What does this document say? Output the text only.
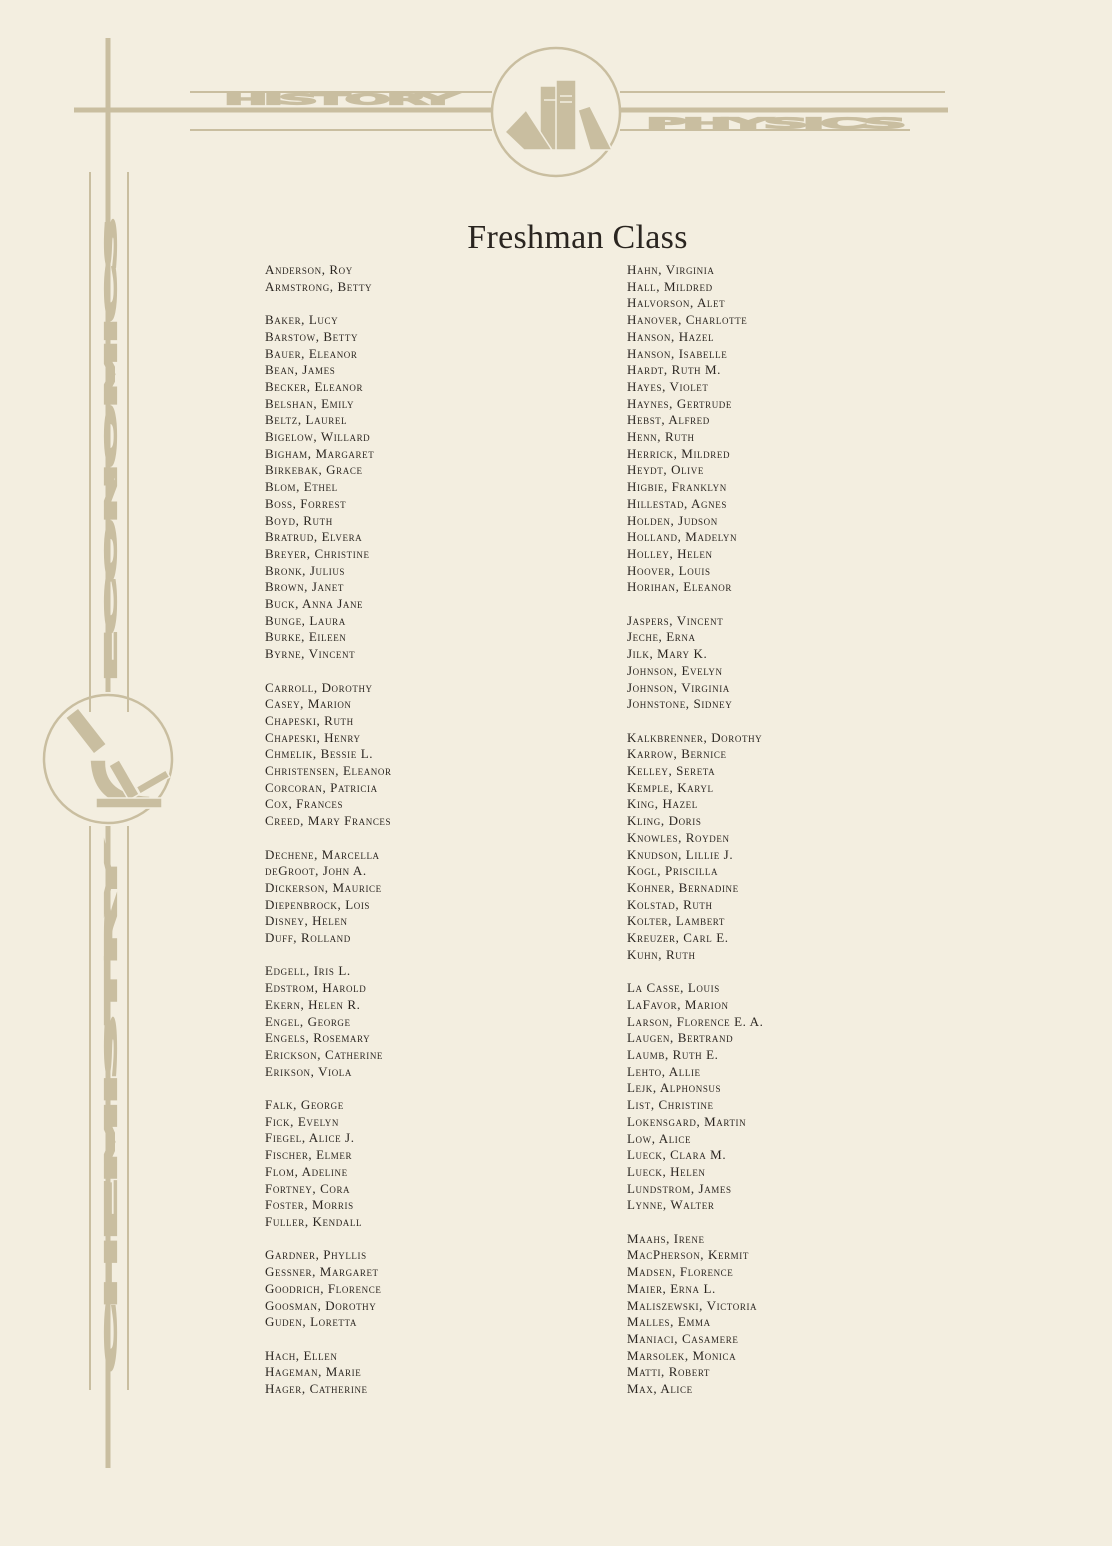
HISTORY
PHYSICS
ECONOMICS
CHEMISTRY
Freshman Class
Anderson, Roy
Armstrong, Betty
Baker, Lucy
Barstow, Betty
Bauer, Eleanor
Bean, James
Becker, Eleanor
Belshan, Emily
Beltz, Laurel
Bigelow, Willard
Bigham, Margaret
Birkebak, Grace
Blom, Ethel
Boss, Forrest
Boyd, Ruth
Bratrud, Elvera
Breyer, Christine
Bronk, Julius
Brown, Janet
Buck, Anna Jane
Bunge, Laura
Burke, Eileen
Byrne, Vincent
Carroll, Dorothy
Casey, Marion
Chapeski, Ruth
Chapeski, Henry
Chmelik, Bessie L.
Christensen, Eleanor
Corcoran, Patricia
Cox, Frances
Creed, Mary Frances
Dechene, Marcella
deGroot, John A.
Dickerson, Maurice
Diepenbrock, Lois
Disney, Helen
Duff, Rolland
Edgell, Iris L.
Edstrom, Harold
Ekern, Helen R.
Engel, George
Engels, Rosemary
Erickson, Catherine
Erikson, Viola
Falk, George
Fick, Evelyn
Fiegel, Alice J.
Fischer, Elmer
Flom, Adeline
Fortney, Cora
Foster, Morris
Fuller, Kendall
Gardner, Phyllis
Gessner, Margaret
Goodrich, Florence
Goosman, Dorothy
Guden, Loretta
Hach, Ellen
Hageman, Marie
Hager, Catherine
Hahn, Virginia
Hall, Mildred
Halvorson, Alet
Hanover, Charlotte
Hanson, Hazel
Hanson, Isabelle
Hardt, Ruth M.
Hayes, Violet
Haynes, Gertrude
Hebst, Alfred
Henn, Ruth
Herrick, Mildred
Heydt, Olive
Higbie, Franklyn
Hillestad, Agnes
Holden, Judson
Holland, Madelyn
Holley, Helen
Hoover, Louis
Horihan, Eleanor
Jaspers, Vincent
Jeche, Erna
Jilk, Mary K.
Johnson, Evelyn
Johnson, Virginia
Johnstone, Sidney
Kalkbrenner, Dorothy
Karrow, Bernice
Kelley, Sereta
Kemple, Karyl
King, Hazel
Kling, Doris
Knowles, Royden
Knudson, Lillie J.
Kogl, Priscilla
Kohner, Bernadine
Kolstad, Ruth
Kolter, Lambert
Kreuzer, Carl E.
Kuhn, Ruth
La Casse, Louis
LaFavor, Marion
Larson, Florence E. A.
Laugen, Bertrand
Laumb, Ruth E.
Lehto, Allie
Lejk, Alphonsus
List, Christine
Lokensgard, Martin
Low, Alice
Lueck, Clara M.
Lueck, Helen
Lundstrom, James
Lynne, Walter
Maahs, Irene
MacPherson, Kermit
Madsen, Florence
Maier, Erna L.
Maliszewski, Victoria
Malles, Emma
Maniaci, Casamere
Marsolek, Monica
Matti, Robert
Max, Alice
